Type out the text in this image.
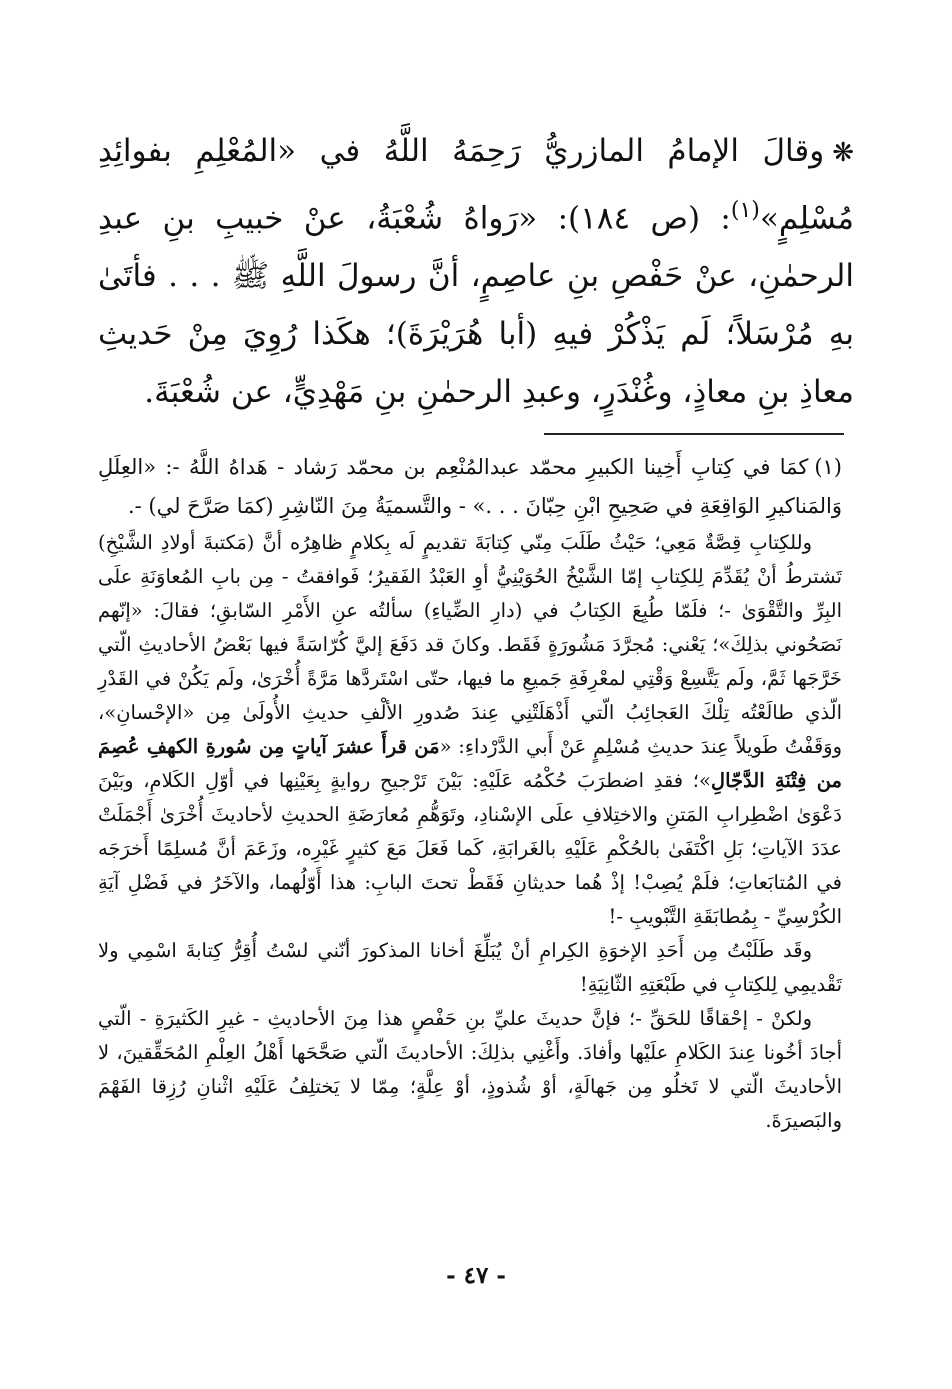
❋وقالَ الإمامُ المازريُّ رَحِمَهُ اللَّهُ في «المُعْلِمِ بفوائِدِ مُسْلِمٍ»$^{(١)}$: (ص ١٨٤): «رَواهُ شُعْبَةُ، عنْ خبيبِ بنِ عبدِ الرحمٰنِ، عنْ حَفْصِ بنِ عاصِمٍ، أنَّ رسولَ اللَّهِ ﷺ . . . فأتَىٰ بهِ مُرْسَلاً؛ لَم يَذْكُرْ فيهِ (أبا هُرَيْرَةَ)؛ هكَذا رُوِيَ مِنْ حَديثِ معاذِ بنِ معاذٍ، وغُنْدَرٍ، وعبدِ الرحمٰنِ بنِ مَهْدِيٍّ، عن شُعْبَةَ.

(١)كمَا في كِتابِ أَخِينا الكبيرِ محمّد عبدالمُنْعِم بن محمّد رَشاد - هَداهُ اللَّهُ -: «العِلَلِ وَالمَناكيرِ الوَاقِعَةِ في صَحِيحِ ابْنِ حِبّانَ . . .» - والتَّسميَةُ مِنَ النّاشِرِ (كمَا صَرَّحَ لي) -.

وللكِتابِ قِصَّةٌ مَعِي؛ حَيْثُ طَلَبَ مِنّي كِتابَةَ تقديمٍ لَه بِكلامٍ ظاهِرُه أنَّ (مَكتبةَ أولادِ الشَّيْخِ) تَشترطُ أنْ يُقَدِّمَ لِلكِتابِ إمّا الشَّيْخُ الحُوَيْنِيُّ أوِ العَبْدُ الفَقيرُ؛ فَوافقتُ - مِن بابِ المُعاوَنَةِ علَى البِرِّ والتَّقْوَىٰ -؛ فلَمّا طُبِعَ الكِتابُ في (دارِ الضِّياءِ) سألتُه عنِ الأَمْرِ السّابقِ؛ فقالَ: «إنّهم نَصَحُوني بذلِكَ»؛ يَعْني: مُجرَّدَ مَشُورَةٍ فَقَط. وكانَ قد دَفَعَ إليَّ كُرّاسَةً فيها بَعْضُ الأحاديثِ الّتي خَرَّجَها ثَمَّ، ولَم يَتَّسِعْ وَقْتِي لمعْرِفَةِ جَميعِ ما فيها، حتّى اسْتَردَّها مَرَّةً أُخْرَىٰ، ولَم يَكُنْ في القَدْرِ الّذي طالَعْتُه تِلْكَ العَجائِبُ الّتي أَذْهَلَتْنِي عِندَ صُدورِ الألْفِ حديثِ الأُولَىٰ مِن «الإحْسانِ»، ووَقَفْتُ طَويلاً عِندَ حديثِ مُسْلِمٍ عَنْ أَبي الدَّرْداءِ: «مَن قرأَ عشرَ آياتٍ مِن سُورةِ الكهفِ عُصِمَ من فِتْنَةِ الدَّجّالِ»؛ فقدِ اضطرَبَ حُكْمُه عَلَيْهِ: بَيْنَ تَرْجيحِ روايةٍ بِعَيْنِها في أوّلِ الكَلامِ، وبَيْنَ دَعْوَىٰ اضْطِرابِ المَتنِ والاختِلافِ علَى الإسْنادِ، وتَوَهُّمِ مُعارَضَةِ الحديثِ لأحاديثَ أُخْرَىٰ أَجْمَلَتْ عدَدَ الآياتِ؛ بَلِ اكْتَفَىٰ بالحُكْمِ عَلَيْهِ بالغَرابَةِ، كَما فَعَلَ مَعَ كثيرٍ غَيْرِه، وزَعَمَ أنَّ مُسلِمًا أَخرَجَه في المُتابَعاتِ؛ فلَمْ يُصِبْ! إذْ هُما حديثانِ فَقَطْ تحتَ البابِ: هذا أَوّلُهما، والآخَرُ في فَضْلِ آيَةِ الكُرْسِيِّ - بِمُطابَقَةِ التَّبْويبِ -!

وقَد طَلَبْتُ مِن أَحَدِ الإخوَةِ الكِرامِ أنْ يُبَلِّغَ أخانا المذكورَ أنّني لسْتُ أُقِرُّ كِتابةَ اسْمِي ولا تَقْديمِي لِلكِتابِ في طَبْعَتِهِ الثّانِيَةِ!

ولكنْ - إحْقاقًا للحَقِّ -؛ فإنَّ حديثَ عليِّ بنِ حَفْصٍ هذا مِنَ الأحاديثِ - غيرِ الكَثيرَةِ - الّتي أجادَ أخُونا عِندَ الكَلامِ علَيْها وأفادَ. وأَغْنِي بذلِكَ: الأحاديثَ الّتي صَحَّحَها أَهْلُ العِلْمِ المُحَقِّقينَ، لا الأحاديثَ الّتي لا تَخلُو مِن جَهالَةٍ، أوْ شُذوذٍ، أوْ عِلَّةٍ؛ مِمّا لا يَختلِفُ عَلَيْهِ اثْنانِ رُزِقا الفَهْمَ والبَصيرَةَ.

- ٤٧ -
